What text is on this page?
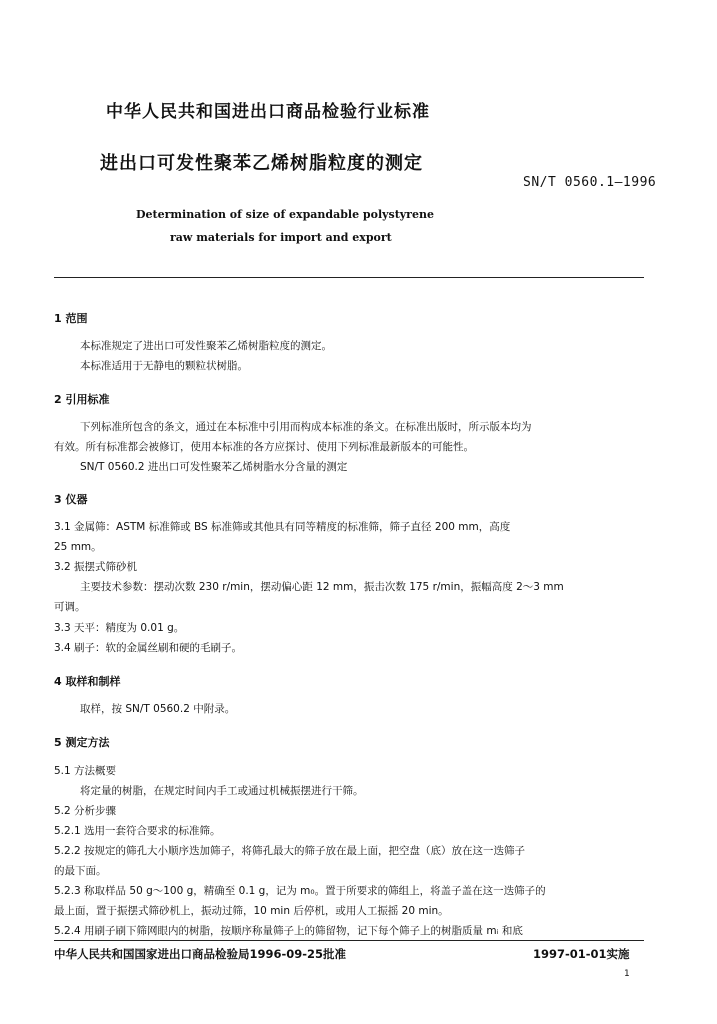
中华人民共和国进出口商品检验行业标准
进出口可发性聚苯乙烯树脂粒度的测定
SN/T 0560.1—1996
Determination of size of expandable polystyrene
raw materials for import and export
1 范围
本标准规定了进出口可发性聚苯乙烯树脂粒度的测定。
本标准适用于无静电的颗粒状树脂。
2 引用标准
下列标准所包含的条文，通过在本标准中引用而构成本标准的条文。在标准出版时，所示版本均为
有效。所有标准都会被修订，使用本标准的各方应探讨、使用下列标准最新版本的可能性。
SN/T 0560.2 进出口可发性聚苯乙烯树脂水分含量的测定
3 仪器
3.1 金属筛：ASTM 标准筛或 BS 标准筛或其他具有同等精度的标准筛，筛子直径 200 mm，高度
25 mm。
3.2 振摆式筛砂机
主要技术参数：摆动次数 230 r/min，摆动偏心距 12 mm，振击次数 175 r/min，振幅高度 2～3 mm
可调。
3.3 天平：精度为 0.01 g。
3.4 刷子：软的金属丝刷和硬的毛刷子。
4 取样和制样
取样，按 SN/T 0560.2 中附录。
5 测定方法
5.1 方法概要
将定量的树脂，在规定时间内手工或通过机械振摆进行干筛。
5.2 分析步骤
5.2.1 选用一套符合要求的标准筛。
5.2.2 按规定的筛孔大小顺序迭加筛子，将筛孔最大的筛子放在最上面，把空盘（底）放在这一迭筛子
的最下面。
5.2.3 称取样品 50 g～100 g，精确至 0.1 g，记为 m₀。置于所要求的筛组上，将盖子盖在这一迭筛子的
最上面，置于振摆式筛砂机上，振动过筛，10 min 后停机，或用人工振摇 20 min。
5.2.4 用刷子刷下筛网眼内的树脂，按顺序称量筛子上的筛留物，记下每个筛子上的树脂质量 mᵢ 和底
中华人民共和国国家进出口商品检验局1996-09-25批准	1997-01-01实施
1
